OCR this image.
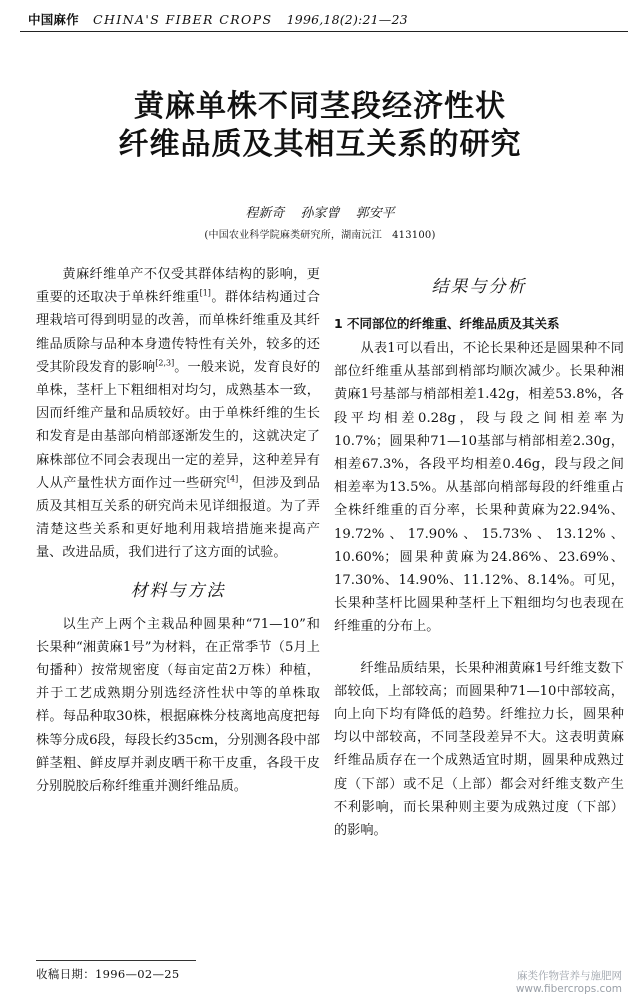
中国麻作 CHINA'S FIBER CROPS 1996,18(2):21—23
黄麻单株不同茎段经济性状
纤维品质及其相互关系的研究
程新奇 孙家曾 郭安平
(中国农业科学院麻类研究所，湖南沅江　413100)

黄麻纤维单产不仅受其群体结构的影响，更重要的还取决于单株纤维重[1]。群体结构通过合理栽培可得到明显的改善，而单株纤维重及其纤维品质除与品种本身遗传特性有关外，较多的还受其阶段发育的影响[2,3]。一般来说，发育良好的单株，茎杆上下粗细相对均匀，成熟基本一致，因而纤维产量和品质较好。由于单株纤维的生长和发育是由基部向梢部逐渐发生的，这就决定了麻株部位不同会表现出一定的差异，这种差异有人从产量性状方面作过一些研究[4]，但涉及到品质及其相互关系的研究尚未见详细报道。为了弄清楚这些关系和更好地利用栽培措施来提高产量、改进品质，我们进行了这方面的试验。

材料与方法

以生产上两个主栽品种圆果种“71—10”和长果种“湘黄麻1号”为材料，在正常季节（5月上旬播种）按常规密度（每亩定苗2万株）种植，并于工艺成熟期分别选经济性状中等的单株取样。每品种取30株，根据麻株分枝离地高度把每株等分成6段，每段长约35cm，分别测各段中部鲜茎粗、鲜皮厚并剥皮晒干称干皮重，各段干皮分别脱胶后称纤维重并测纤维品质。

结果与分析
1 不同部位的纤维重、纤维品质及其关系

从表1可以看出，不论长果种还是圆果种不同部位纤维重从基部到梢部均顺次减少。长果种湘黄麻1号基部与梢部相差1.42g，相差53.8%，各段平均相差0.28g，段与段之间相差率为10.7%；圆果种71—10基部与梢部相差2.30g，相差67.3%，各段平均相差0.46g，段与段之间相差率为13.5%。从基部向梢部每段的纤维重占全株纤维重的百分率，长果种黄麻为22.94%、19.72%、17.90%、15.73%、13.12%、10.60%；圆果种黄麻为24.86%、23.69%、17.30%、14.90%、11.12%、8.14%。可见，长果种茎杆比圆果种茎杆上下粗细均匀也表现在纤维重的分布上。

纤维品质结果，长果种湘黄麻1号纤维支数下部较低，上部较高；而圆果种71—10中部较高，向上向下均有降低的趋势。纤维拉力长，圆果种均以中部较高，不同茎段差异不大。这表明黄麻纤维品质存在一个成熟适宜时期，圆果种成熟过度（下部）或不足（上部）都会对纤维支数产生不利影响，而长果种则主要为成熟过度（下部）的影响。

收稿日期：1996—02—25	麻类作物营养与施肥网
www.fibercrops.com
